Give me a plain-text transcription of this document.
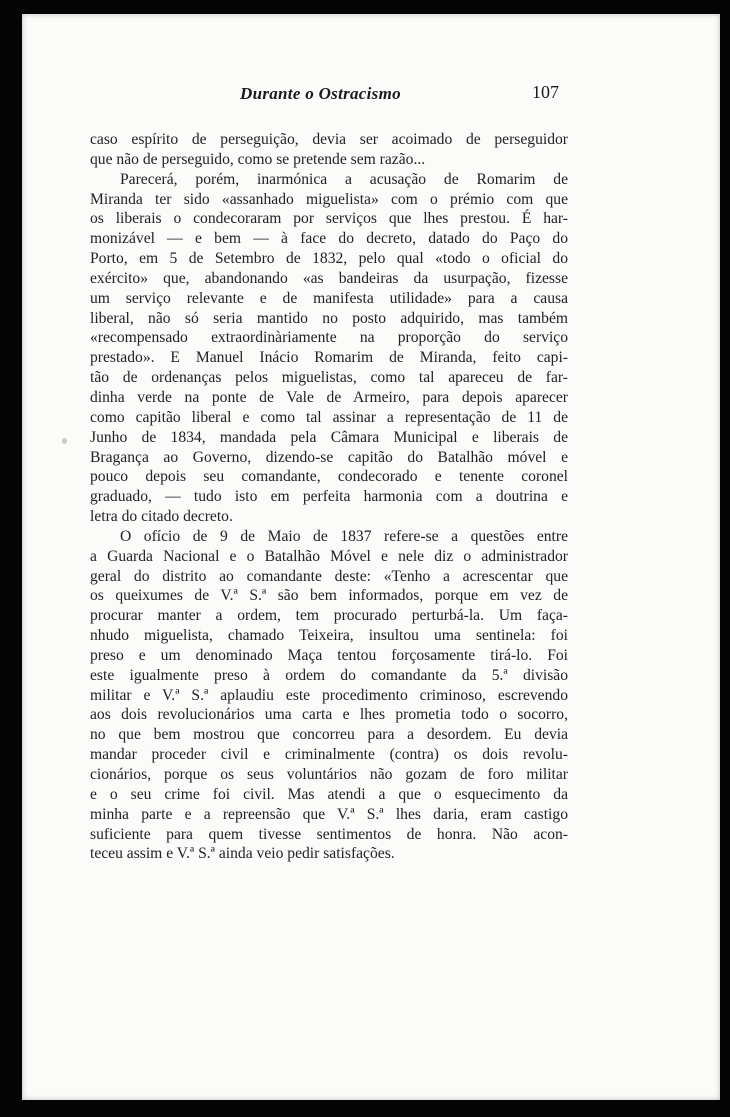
Durante o Ostracismo	107
caso espírito de perseguição, devia ser acoimado de perseguidor
que não de perseguido, como se pretende sem razão...
Parecerá, porém, inarmónica a acusação de Romarim de
Miranda ter sido «assanhado miguelista» com o prémio com que
os liberais o condecoraram por serviços que lhes prestou. É har-
monizável — e bem — à face do decreto, datado do Paço do
Porto, em 5 de Setembro de 1832, pelo qual «todo o oficial do
exército» que, abandonando «as bandeiras da usurpação, fizesse
um serviço relevante e de manifesta utilidade» para a causa
liberal, não só seria mantido no posto adquirido, mas também
«recompensado extraordinàriamente na proporção do serviço
prestado». E Manuel Inácio Romarim de Miranda, feito capi-
tão de ordenanças pelos miguelistas, como tal apareceu de far-
dinha verde na ponte de Vale de Armeiro, para depois aparecer
como capitão liberal e como tal assinar a representação de 11 de
Junho de 1834, mandada pela Câmara Municipal e liberais de
Bragança ao Governo, dizendo-se capitão do Batalhão móvel e
pouco depois seu comandante, condecorado e tenente coronel
graduado, — tudo isto em perfeita harmonia com a doutrina e
letra do citado decreto.
O ofício de 9 de Maio de 1837 refere-se a questões entre
a Guarda Nacional e o Batalhão Móvel e nele diz o administrador
geral do distrito ao comandante deste: «Tenho a acrescentar que
os queixumes de V.ª S.ª são bem informados, porque em vez de
procurar manter a ordem, tem procurado perturbá-la. Um faça-
nhudo miguelista, chamado Teixeira, insultou uma sentinela: foi
preso e um denominado Maça tentou forçosamente tirá-lo. Foi
este igualmente preso à ordem do comandante da 5.ª divisão
militar e V.ª S.ª aplaudiu este procedimento criminoso, escrevendo
aos dois revolucionários uma carta e lhes prometia todo o socorro,
no que bem mostrou que concorreu para a desordem. Eu devia
mandar proceder civil e criminalmente (contra) os dois revolu-
cionários, porque os seus voluntários não gozam de foro militar
e o seu crime foi civil. Mas atendi a que o esquecimento da
minha parte e a repreensão que V.ª S.ª lhes daria, eram castigo
suficiente para quem tivesse sentimentos de honra. Não acon-
teceu assim e V.ª S.ª ainda veio pedir satisfações.
